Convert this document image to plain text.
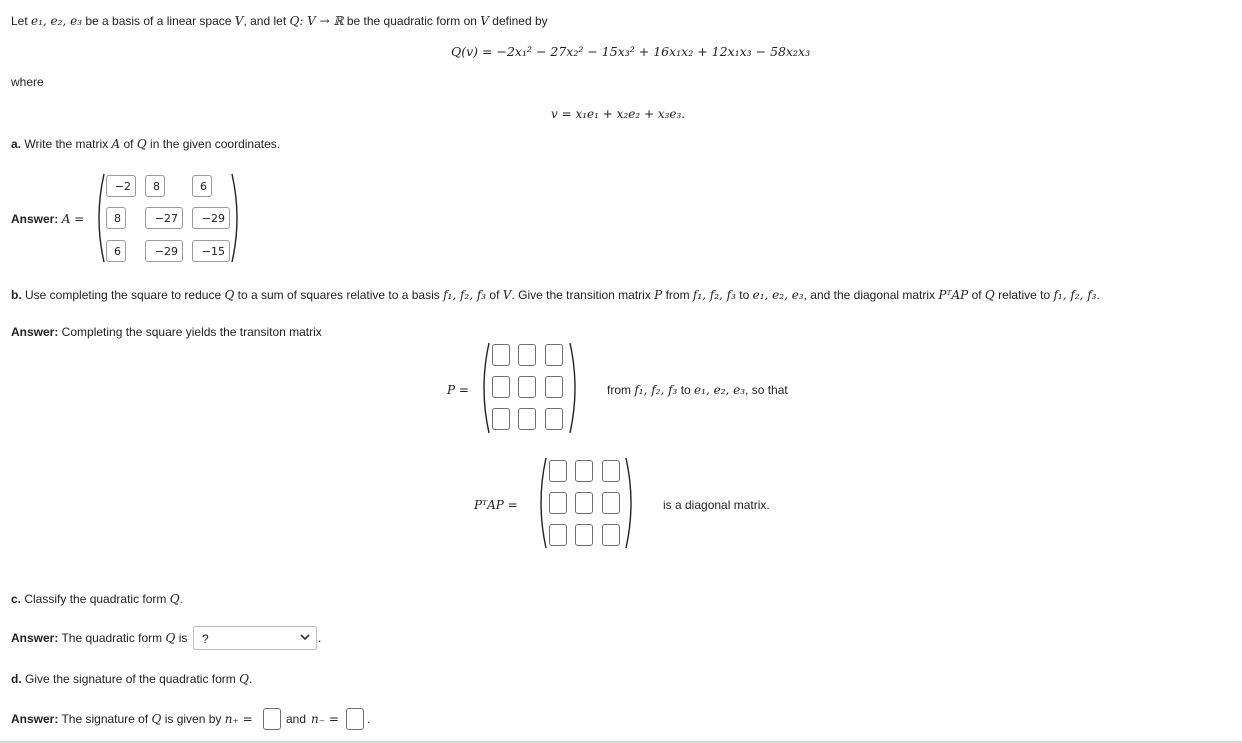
Let e₁, e₂, e₃ be a basis of a linear space V, and let Q: V → ℝ be the quadratic form on V defined by
Q(v) = −2x₁² − 27x₂² − 15x₃² + 16x₁x₂ + 12x₁x₃ − 58x₂x₃
where
v = x₁e₁ + x₂e₂ + x₃e₃.
a. Write the matrix A of Q in the given coordinates.
Answer: A =
−2	8	6
8	−27	−29
6	−29	−15
b. Use completing the square to reduce Q to a sum of squares relative to a basis f₁, f₂, f₃ of V. Give the transition matrix P from f₁, f₂, f₃ to e₁, e₂, e₃, and the diagonal matrix PᵀAP of Q relative to f₁, f₂, f₃.
Answer: Completing the square yields the transiton matrix
P =	from f₁, f₂, f₃ to e₁, e₂, e₃, so that
PᵀAP =	is a diagonal matrix.
c. Classify the quadratic form Q.
Answer: The quadratic form Q is ?	.
d. Give the signature of the quadratic form Q.
Answer: The signature of Q is given by n₊ =	and n₋ = .
